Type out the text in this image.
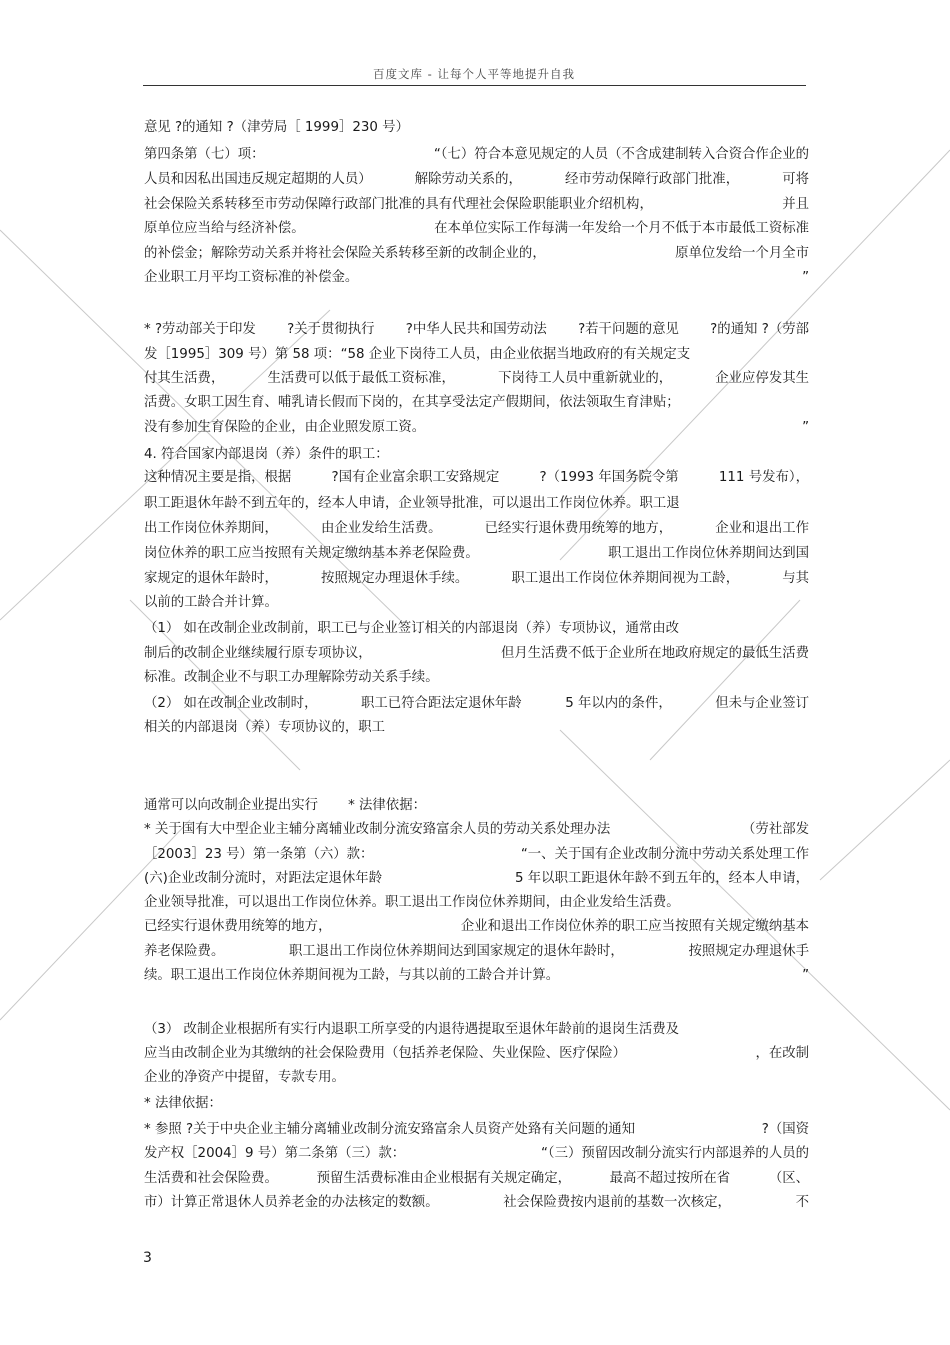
百度文库 - 让每个人平等地提升自我
意见 ?的通知 ?（津劳局［ 1999］230 号）
第四条第（七）项：	“（七）符合本意见规定的人员（不含成建制转入合资合作企业的
人员和因私出国违反规定超期的人员）	解除劳动关系的，	经市劳动保障行政部门批准，	可将
社会保险关系转移至市劳动保障行政部门批准的具有代理社会保险职能职业介绍机构，	并且
原单位应当给与经济补偿。	在本单位实际工作每满一年发给一个月不低于本市最低工资标准
的补偿金；解除劳动关系并将社会保险关系转移至新的改制企业的，	原单位发给一个月全市
企业职工月平均工资标准的补偿金。	”
* ?劳动部关于印发 ?关于贯彻执行 ?中华人民共和国劳动法 ?若干问题的意见 ?的通知 ?（劳部
发［1995］309 号）第 58 项：“58 企业下岗待工人员，由企业依据当地政府的有关规定支
付其生活费，	生活费可以低于最低工资标准，	下岗待工人员中重新就业的，	企业应停发其生
活费。女职工因生育、哺乳请长假而下岗的，在其享受法定产假期间，依法领取生育津贴；
没有参加生育保险的企业，由企业照发原工资。	”
4. 符合国家内部退岗（养）条件的职工：
这种情况主要是指，根据	?国有企业富余职工安臵规定	?（1993 年国务院令第	111 号发布），
职工距退休年龄不到五年的，经本人申请，企业领导批准，可以退出工作岗位休养。职工退
出工作岗位休养期间，	由企业发给生活费。	已经实行退休费用统筹的地方，	企业和退出工作
岗位休养的职工应当按照有关规定缴纳基本养老保险费。	职工退出工作岗位休养期间达到国
家规定的退休年龄时，	按照规定办理退休手续。	职工退出工作岗位休养期间视为工龄，	与其
以前的工龄合并计算。
（1） 如在改制企业改制前，职工已与企业签订相关的内部退岗（养）专项协议，通常由改
制后的改制企业继续履行原专项协议，	但月生活费不低于企业所在地政府规定的最低生活费
标准。改制企业不与职工办理解除劳动关系手续。
（2） 如在改制企业改制时，	职工已符合距法定退休年龄	5 年以内的条件，	但未与企业签订
相关的内部退岗（养）专项协议的，职工
通常可以向改制企业提出实行 * 法律依据：
* 关于国有大中型企业主辅分离辅业改制分流安臵富余人员的劳动关系处理办法	（劳社部发
［2003］23 号）第一条第（六）款：	“一、关于国有企业改制分流中劳动关系处理工作
(六)企业改制分流时，对距法定退休年龄	5 年以职工距退休年龄不到五年的，经本人申请，
企业领导批准，可以退出工作岗位休养。职工退出工作岗位休养期间，由企业发给生活费。
已经实行退休费用统筹的地方，	企业和退出工作岗位休养的职工应当按照有关规定缴纳基本
养老保险费。	职工退出工作岗位休养期间达到国家规定的退休年龄时，	按照规定办理退休手
续。职工退出工作岗位休养期间视为工龄，与其以前的工龄合并计算。	”
（3） 改制企业根据所有实行内退职工所享受的内退待遇提取至退休年龄前的退岗生活费及
应当由改制企业为其缴纳的社会保险费用（包括养老保险、失业保险、医疗保险）	，在改制
企业的净资产中提留，专款专用。
* 法律依据：
* 参照 ?关于中央企业主辅分离辅业改制分流安臵富余人员资产处臵有关问题的通知	?（国资
发产权［2004］9 号）第二条第（三）款：	“（三）预留因改制分流实行内部退养的人员的
生活费和社会保险费。	预留生活费标准由企业根据有关规定确定，	最高不超过按所在省	（区、
市）计算正常退休人员养老金的办法核定的数额。	社会保险费按内退前的基数一次核定，	不
3
